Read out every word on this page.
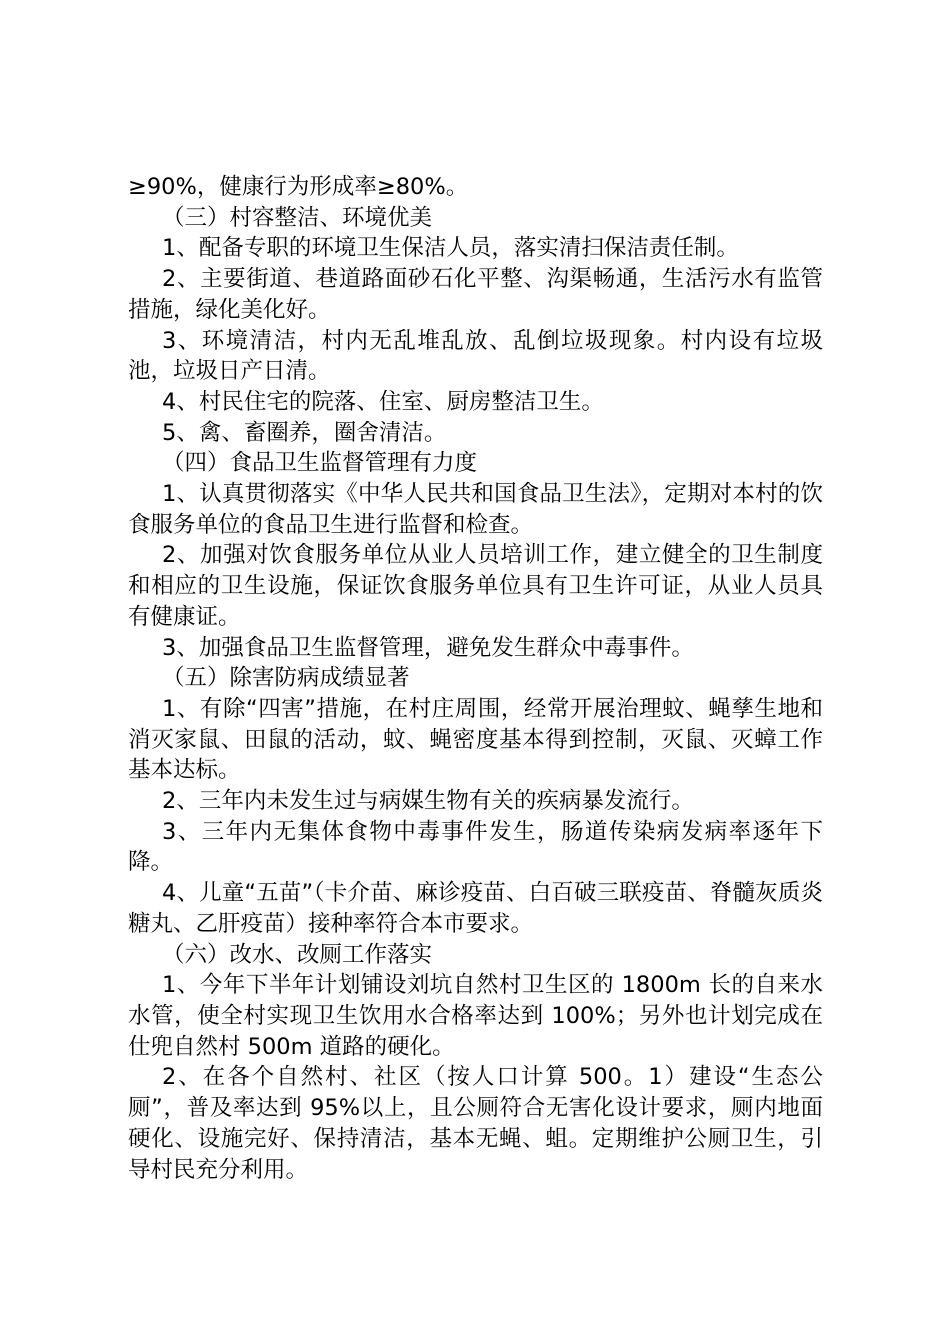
≥90%，健康行为形成率≥80%。

（三）村容整洁、环境优美

1、配备专职的环境卫生保洁人员，落实清扫保洁责任制。

2、主要街道、巷道路面砂石化平整、沟渠畅通，生活污水有监管措施，绿化美化好。

3、环境清洁，村内无乱堆乱放、乱倒垃圾现象。村内设有垃圾池，垃圾日产日清。

4、村民住宅的院落、住室、厨房整洁卫生。

5、禽、畜圈养，圈舍清洁。

（四）食品卫生监督管理有力度

1、认真贯彻落实《中华人民共和国食品卫生法》，定期对本村的饮食服务单位的食品卫生进行监督和检查。

2、加强对饮食服务单位从业人员培训工作，建立健全的卫生制度和相应的卫生设施，保证饮食服务单位具有卫生许可证，从业人员具有健康证。

3、加强食品卫生监督管理，避免发生群众中毒事件。

（五）除害防病成绩显著

1、有除“四害”措施，在村庄周围，经常开展治理蚊、蝇孳生地和消灭家鼠、田鼠的活动，蚊、蝇密度基本得到控制，灭鼠、灭蟑工作基本达标。

2、三年内未发生过与病媒生物有关的疾病暴发流行。

3、三年内无集体食物中毒事件发生，肠道传染病发病率逐年下降。

4、儿童“五苗”（卡介苗、麻诊疫苗、白百破三联疫苗、脊髓灰质炎糖丸、乙肝疫苗）接种率符合本市要求。

（六）改水、改厕工作落实

1、今年下半年计划铺设刘坑自然村卫生区的 1800m 长的自来水水管，使全村实现卫生饮用水合格率达到 100%；另外也计划完成在仕兜自然村 500m 道路的硬化。

2、在各个自然村、社区（按人口计算 500。1）建设“生态公厕”，普及率达到 95%以上，且公厕符合无害化设计要求，厕内地面硬化、设施完好、保持清洁，基本无蝇、蛆。定期维护公厕卫生，引导村民充分利用。
